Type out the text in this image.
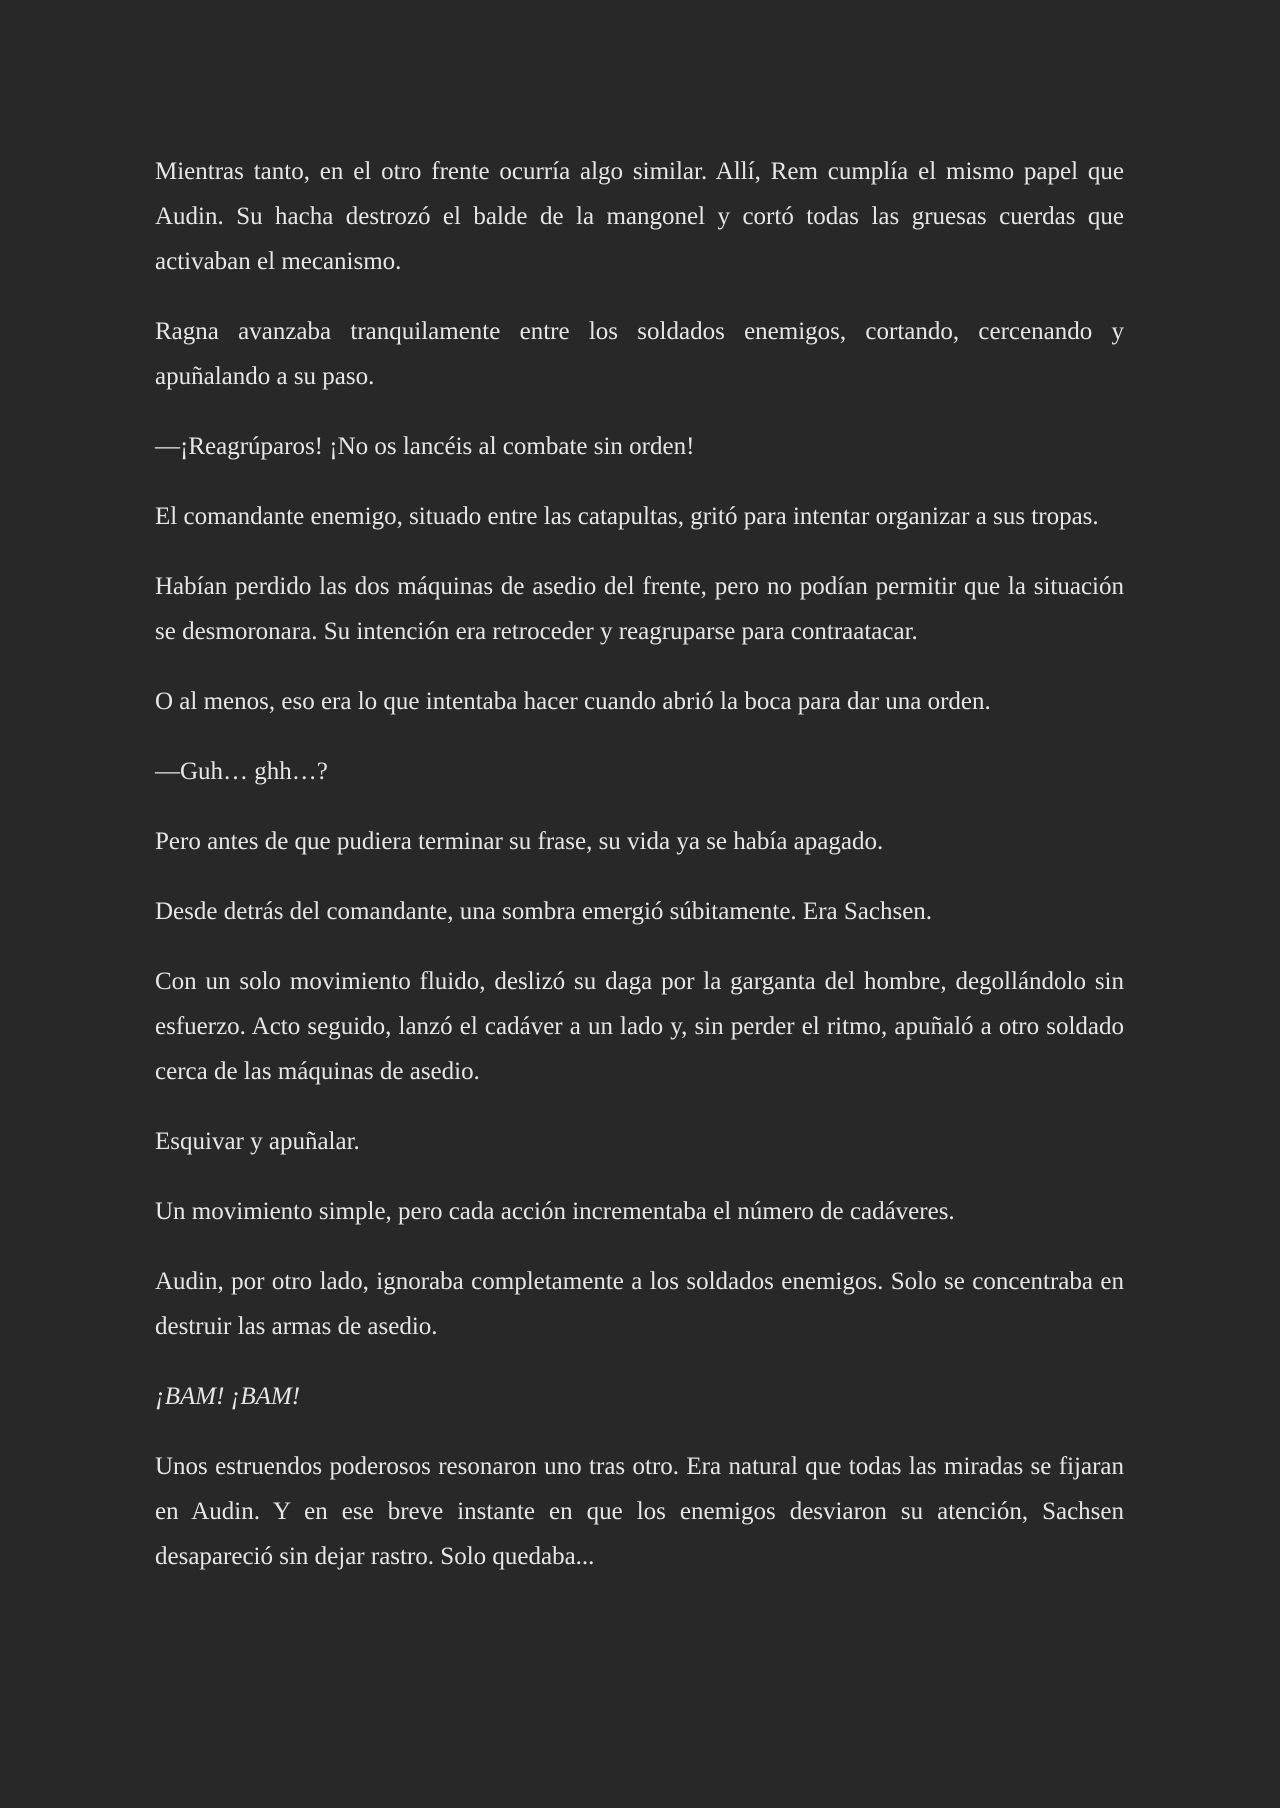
Mientras tanto, en el otro frente ocurría algo similar. Allí, Rem cumplía el mismo papel que Audin. Su hacha destrozó el balde de la mangonel y cortó todas las gruesas cuerdas que activaban el mecanismo.

Ragna avanzaba tranquilamente entre los soldados enemigos, cortando, cercenando y apuñalando a su paso.

—¡Reagrúparos! ¡No os lancéis al combate sin orden!

El comandante enemigo, situado entre las catapultas, gritó para intentar organizar a sus tropas.

Habían perdido las dos máquinas de asedio del frente, pero no podían permitir que la situación se desmoronara. Su intención era retroceder y reagruparse para contraatacar.

O al menos, eso era lo que intentaba hacer cuando abrió la boca para dar una orden.

—Guh… ghh…?

Pero antes de que pudiera terminar su frase, su vida ya se había apagado.

Desde detrás del comandante, una sombra emergió súbitamente. Era Sachsen.

Con un solo movimiento fluido, deslizó su daga por la garganta del hombre, degollándolo sin esfuerzo. Acto seguido, lanzó el cadáver a un lado y, sin perder el ritmo, apuñaló a otro soldado cerca de las máquinas de asedio.

Esquivar y apuñalar.

Un movimiento simple, pero cada acción incrementaba el número de cadáveres.

Audin, por otro lado, ignoraba completamente a los soldados enemigos. Solo se concentraba en destruir las armas de asedio.

¡BAM! ¡BAM!

Unos estruendos poderosos resonaron uno tras otro. Era natural que todas las miradas se fijaran en Audin. Y en ese breve instante en que los enemigos desviaron su atención, Sachsen desapareció sin dejar rastro. Solo quedaba...
